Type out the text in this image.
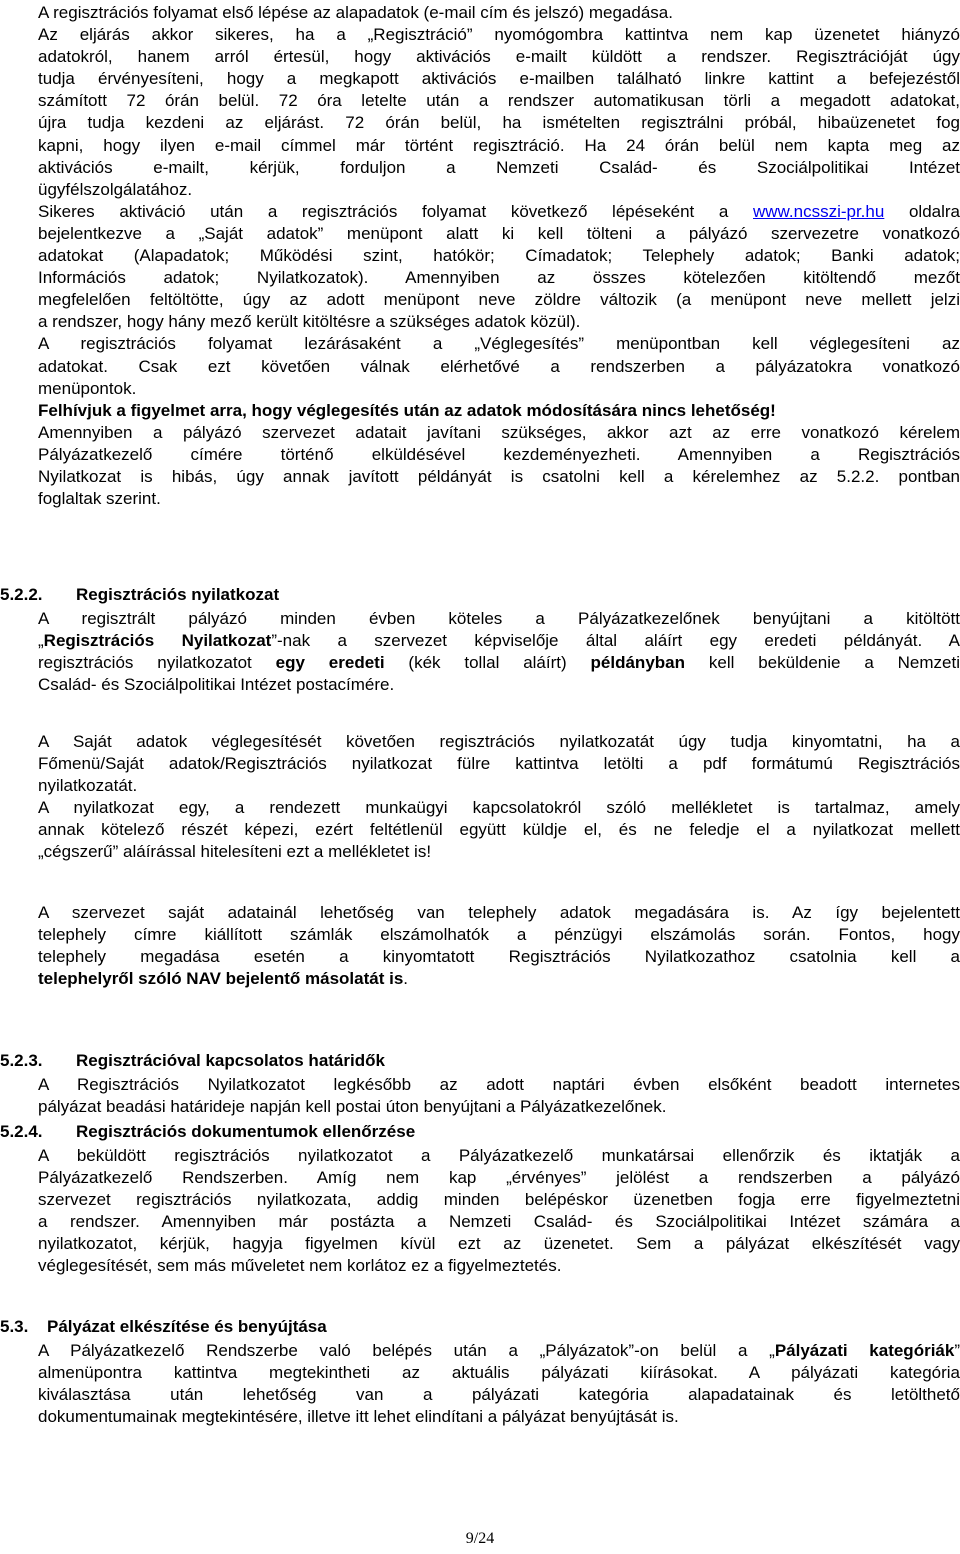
A regisztrációs folyamat első lépése az alapadatok (e-mail cím és jelszó) megadása.
Az eljárás akkor sikeres, ha a „Regisztráció” nyomógombra kattintva nem kap üzenetet hiányzó
adatokról, hanem arról értesül, hogy aktivációs e-mailt küldött a rendszer. Regisztrációját úgy
tudja érvényesíteni, hogy a megkapott aktivációs e-mailben található linkre kattint a befejezéstől
számított 72 órán belül. 72 óra letelte után a rendszer automatikusan törli a megadott adatokat,
újra tudja kezdeni az eljárást. 72 órán belül, ha ismételten regisztrálni próbál, hibaüzenetet fog
kapni, hogy ilyen e-mail címmel már történt regisztráció. Ha 24 órán belül nem kapta meg az
aktivációs e-mailt, kérjük, forduljon a Nemzeti Család- és Szociálpolitikai Intézet
ügyfélszolgálatához.
Sikeres aktiváció után a regisztrációs folyamat következő lépéseként a www.ncsszi-pr.hu oldalra
bejelentkezve a „Saját adatok” menüpont alatt ki kell tölteni a pályázó szervezetre vonatkozó
adatokat (Alapadatok; Működési szint, hatókör; Címadatok; Telephely adatok; Banki adatok;
Információs adatok; Nyilatkozatok). Amennyiben az összes kötelezően kitöltendő mezőt
megfelelően feltöltötte, úgy az adott menüpont neve zöldre változik (a menüpont neve mellett jelzi
a rendszer, hogy hány mező került kitöltésre a szükséges adatok közül).
A regisztrációs folyamat lezárásaként a „Véglegesítés” menüpontban kell véglegesíteni az
adatokat. Csak ezt követően válnak elérhetővé a rendszerben a pályázatokra vonatkozó
menüpontok.
Felhívjuk a figyelmet arra, hogy véglegesítés után az adatok módosítására nincs lehetőség!
Amennyiben a pályázó szervezet adatait javítani szükséges, akkor azt az erre vonatkozó kérelem
Pályázatkezelő címére történő elküldésével kezdeményezheti. Amennyiben a Regisztrációs
Nyilatkozat is hibás, úgy annak javított példányát is csatolni kell a kérelemhez az 5.2.2. pontban
foglaltak szerint.
5.2.2. Regisztrációs nyilatkozat
A regisztrált pályázó minden évben köteles a Pályázatkezelőnek benyújtani a kitöltött
„Regisztrációs Nyilatkozat”-nak a szervezet képviselője által aláírt egy eredeti példányát. A
regisztrációs nyilatkozatot egy eredeti (kék tollal aláírt) példányban kell beküldenie a Nemzeti
Család- és Szociálpolitikai Intézet postacímére.
A Saját adatok véglegesítését követően regisztrációs nyilatkozatát úgy tudja kinyomtatni, ha a
Főmenü/Saját adatok/Regisztrációs nyilatkozat fülre kattintva letölti a pdf formátumú Regisztrációs
nyilatkozatát.
A nyilatkozat egy, a rendezett munkaügyi kapcsolatokról szóló mellékletet is tartalmaz, amely
annak kötelező részét képezi, ezért feltétlenül együtt küldje el, és ne feledje el a nyilatkozat mellett
„cégszerű” aláírással hitelesíteni ezt a mellékletet is!
A szervezet saját adatainál lehetőség van telephely adatok megadására is. Az így bejelentett
telephely címre kiállított számlák elszámolhatók a pénzügyi elszámolás során. Fontos, hogy
telephely megadása esetén a kinyomtatott Regisztrációs Nyilatkozathoz csatolnia kell a
telephelyről szóló NAV bejelentő másolatát is.
5.2.3. Regisztrációval kapcsolatos határidők
A Regisztrációs Nyilatkozatot legkésőbb az adott naptári évben elsőként beadott internetes
pályázat beadási határideje napján kell postai úton benyújtani a Pályázatkezelőnek.
5.2.4. Regisztrációs dokumentumok ellenőrzése
A beküldött regisztrációs nyilatkozatot a Pályázatkezelő munkatársai ellenőrzik és iktatják a
Pályázatkezelő Rendszerben. Amíg nem kap „érvényes” jelölést a rendszerben a pályázó
szervezet regisztrációs nyilatkozata, addig minden belépéskor üzenetben fogja erre figyelmeztetni
a rendszer. Amennyiben már postázta a Nemzeti Család- és Szociálpolitikai Intézet számára a
nyilatkozatot, kérjük, hagyja figyelmen kívül ezt az üzenetet. Sem a pályázat elkészítését vagy
véglegesítését, sem más műveletet nem korlátoz ez a figyelmeztetés.
5.3. Pályázat elkészítése és benyújtása
A Pályázatkezelő Rendszerbe való belépés után a „Pályázatok”-on belül a „Pályázati kategóriák”
almenüpontra kattintva megtekintheti az aktuális pályázati kiírásokat. A pályázati kategória
kiválasztása után lehetőség van a pályázati kategória alapadatainak és letölthető
dokumentumainak megtekintésére, illetve itt lehet elindítani a pályázat benyújtását is.
9/24
